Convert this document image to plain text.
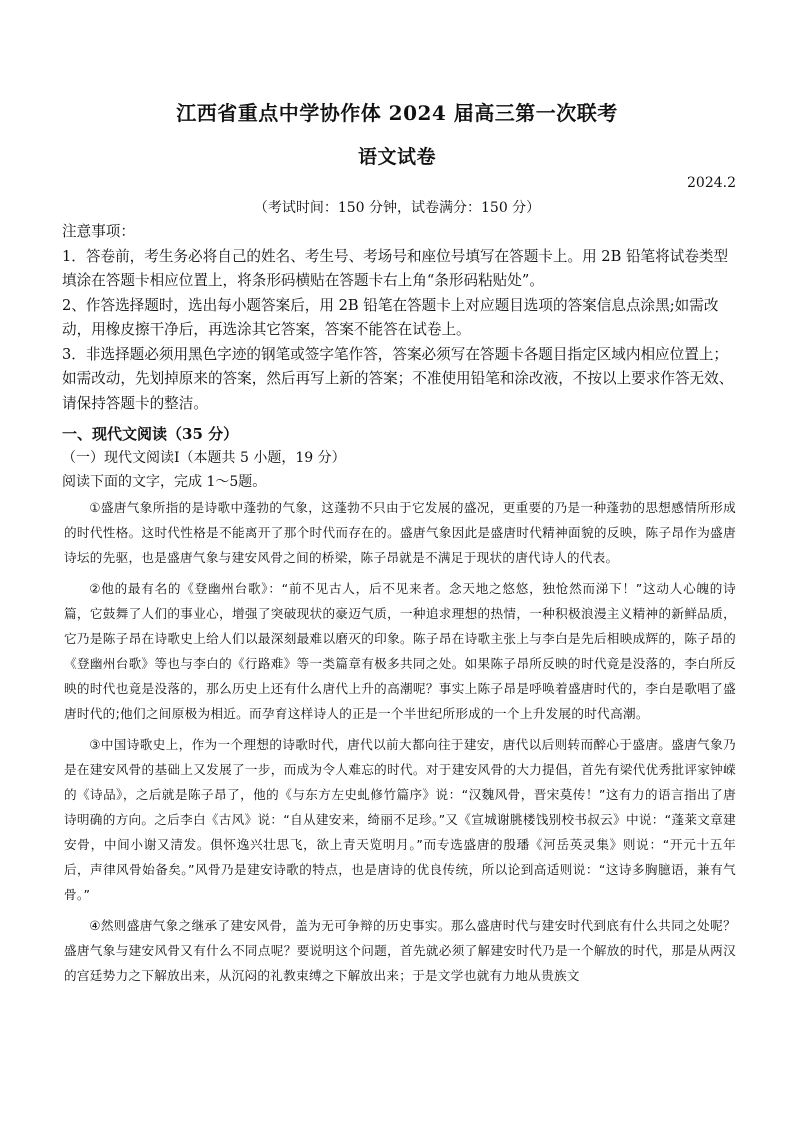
江西省重点中学协作体 2024 届高三第一次联考
语文试卷
2024.2
（考试时间：150 分钟，试卷满分：150 分）

注意事项：

1．答卷前，考生务必将自己的姓名、考生号、考场号和座位号填写在答题卡上。用 2B 铅笔将试卷类型填涂在答题卡相应位置上，将条形码横贴在答题卡右上角“条形码粘贴处”。

2、作答选择题时，选出每小题答案后，用 2B 铅笔在答题卡上对应题目选项的答案信息点涂黑;如需改动，用橡皮擦干净后，再选涂其它答案，答案不能答在试卷上。

3．非选择题必须用黑色字迹的钢笔或签字笔作答，答案必须写在答题卡各题目指定区域内相应位置上；如需改动，先划掉原来的答案，然后再写上新的答案；不准使用铅笔和涂改液，不按以上要求作答无效、请保持答题卡的整洁。

一、现代文阅读（35 分）
（一）现代文阅读Ⅰ（本题共 5 小题，19 分）
阅读下面的文字，完成 1～5题。

①盛唐气象所指的是诗歌中蓬勃的气象，这蓬勃不只由于它发展的盛况，更重要的乃是一种蓬勃的思想感情所形成的时代性格。这时代性格是不能离开了那个时代而存在的。盛唐气象因此是盛唐时代精神面貌的反映，陈子昂作为盛唐诗坛的先驱，也是盛唐气象与建安风骨之间的桥梁，陈子昂就是不满足于现状的唐代诗人的代表。

②他的最有名的《登幽州台歌》：“前不见古人，后不见来者。念天地之悠悠，独怆然而涕下！”这动人心魄的诗篇，它鼓舞了人们的事业心，增强了突破现状的豪迈气质，一种追求理想的热情，一种积极浪漫主义精神的新鲜品质，它乃是陈子昂在诗歌史上给人们以最深刻最难以磨灭的印象。陈子昂在诗歌主张上与李白是先后相映成辉的，陈子昂的《登幽州台歌》等也与李白的《行路难》等一类篇章有极多共同之处。如果陈子昂所反映的时代竟是没落的，李白所反映的时代也竟是没落的，那么历史上还有什么唐代上升的高潮呢？事实上陈子昂是呼唤着盛唐时代的，李白是歌唱了盛唐时代的;他们之间原极为相近。而孕育这样诗人的正是一个半世纪所形成的一个上升发展的时代高潮。

③中国诗歌史上，作为一个理想的诗歌时代，唐代以前大都向往于建安，唐代以后则转而醉心于盛唐。盛唐气象乃是在建安风骨的基础上又发展了一步，而成为令人难忘的时代。对于建安风骨的大力提倡，首先有梁代优秀批评家钟嵘的《诗品》，之后就是陈子昂了，他的《与东方左史虬修竹篇序》说：“汉魏风骨，晋宋莫传！”这有力的语言指出了唐诗明确的方向。之后李白《古风》说：“自从建安来，绮丽不足珍。”又《宣城谢朓楼饯别校书叔云》中说：“蓬莱文章建安骨，中间小谢又清发。俱怀逸兴壮思飞，欲上青天览明月。”而专选盛唐的殷璠《河岳英灵集》则说：“开元十五年后，声律风骨始备矣。”风骨乃是建安诗歌的特点，也是唐诗的优良传统，所以论到高适则说：“这诗多胸臆语，兼有气骨。”

④然则盛唐气象之继承了建安风骨，盖为无可争辩的历史事实。那么盛唐时代与建安时代到底有什么共同之处呢？盛唐气象与建安风骨又有什么不同点呢？要说明这个问题，首先就必须了解建安时代乃是一个解放的时代，那是从两汉的宫廷势力之下解放出来，从沉闷的礼教束缚之下解放出来；于是文学也就有力地从贵族文
